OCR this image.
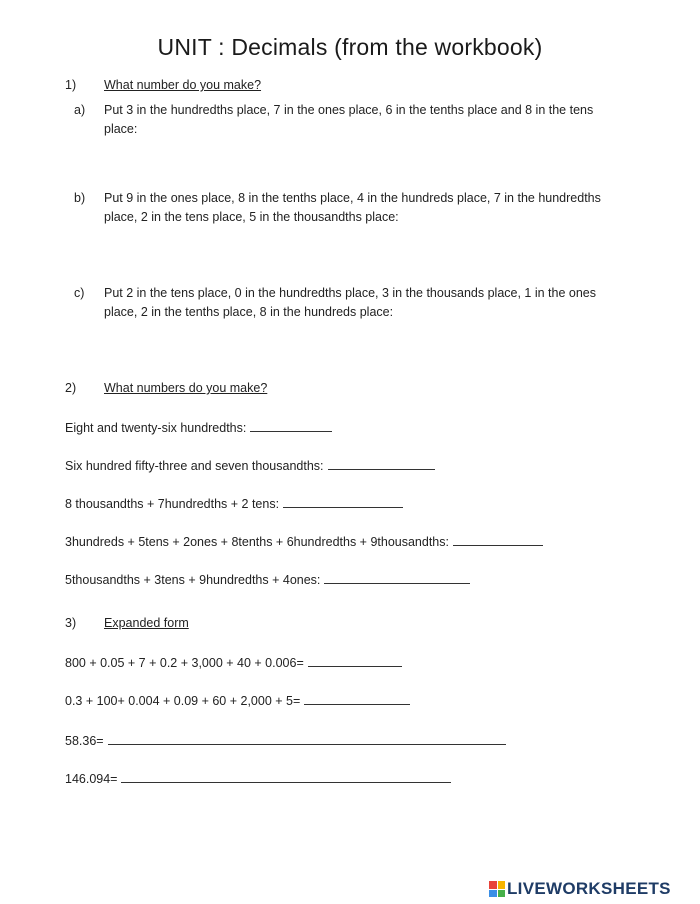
UNIT : Decimals (from the workbook)
1) What number do you make?
a) Put 3 in the hundredths place, 7 in the ones place, 6 in the tenths place and 8 in the tens place:
b) Put 9 in the ones place, 8 in the tenths place, 4 in the hundreds place, 7 in the hundredths place, 2 in the tens place, 5 in the thousandths place:
c) Put 2 in the tens place, 0 in the hundredths place, 3 in the thousands place, 1 in the ones place, 2 in the tenths place, 8 in the hundreds place:
2) What numbers do you make?
Eight and twenty-six hundredths:
Six hundred fifty-three and seven thousandths:
8 thousandths + 7hundredths + 2 tens:
3hundreds + 5tens + 2ones + 8tenths + 6hundredths + 9thousandths:
5thousandths + 3tens + 9hundredths + 4ones:
3) Expanded form
800 + 0.05 + 7 + 0.2 + 3,000 + 40 + 0.006=
0.3 + 100+ 0.004 + 0.09 + 60 + 2,000 + 5=
58.36=
146.094=
LIVEWORKSHEETS
